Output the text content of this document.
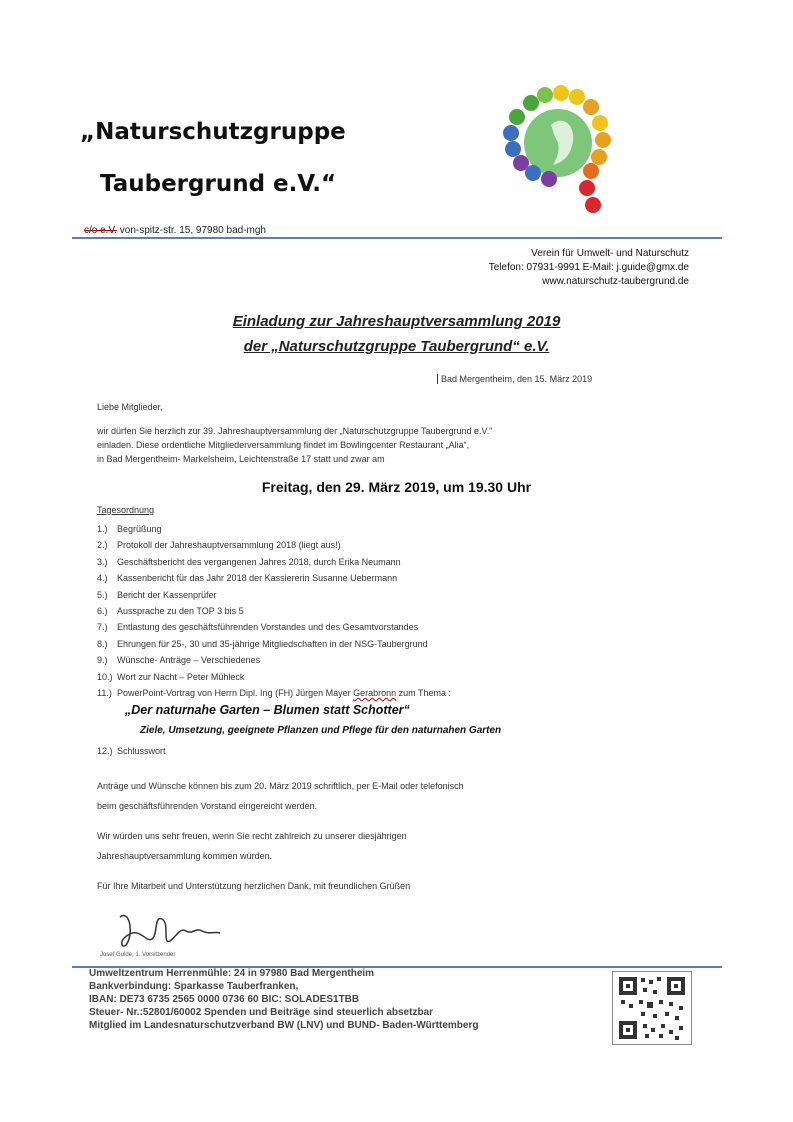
„Naturschutzgruppe
Taubergrund e.V.“
c/o e.V. von-spitz-str. 15, 97980 bad-mgh
Verein für Umwelt- und Naturschutz
Telefon: 07931-9991 E-Mail: j.guide@gmx.de
www.naturschutz-taubergrund.de
Einladung zur Jahreshauptversammlung 2019
der „Naturschutzgruppe Taubergrund“ e.V.
Bad Mergentheim, den 15. März 2019
Liebe Mitglieder,
wir dürfen Sie herzlich zur 39. Jahreshauptversammlung der „Naturschutzgruppe Taubergrund e.V.“
einladen. Diese ordentliche Mitgliederversammlung findet im Bowlingcenter Restaurant „Alia“,
in Bad Mergentheim- Markelsheim, Leichtenstraße 17 statt und zwar am
Freitag, den 29. März 2019, um 19.30 Uhr
Tagesordnung
1.) Begrüßung
2.) Protokoll der Jahreshauptversammlung 2018 (liegt aus!)
3.) Geschäftsbericht des vergangenen Jahres 2018, durch Erika Neumann
4.) Kassenbericht für das Jahr 2018 der Kassiererin Susanne Uebermann
5.) Bericht der Kassenprüfer
6.) Aussprache zu den TOP 3 bis 5
7.) Entlastung des geschäftsführenden Vorstandes und des Gesamtvorstandes
8.) Ehrungen für 25-, 30 und 35-jährige Mitgliedschaften in der NSG-Taubergrund
9.) Wünsche- Anträge – Verschiedenes
10.) Wort zur Nacht – Peter Mühleck
11.) PowerPoint-Vortrag von Herrn Dipl. Ing (FH) Jürgen Mayer Gerabronn zum Thema :
„Der naturnahe Garten – Blumen statt Schotter“
Ziele, Umsetzung, geeignete Pflanzen und Pflege für den naturnahen Garten
12.) Schlusswort
Anträge und Wünsche können bis zum 20. März 2019 schriftlich, per E-Mail oder telefonisch
beim geschäftsführenden Vorstand eingereicht werden.
Wir würden uns sehr freuen, wenn Sie recht zahlreich zu unserer diesjährigen
Jahreshauptversammlung kommen würden.
Für Ihre Mitarbeit und Unterstützung herzlichen Dank, mit freundlichen Grüßen
Josef Gulde, 1. Vorsitzender
Umweltzentrum Herrenmühle: 24 in 97980 Bad Mergentheim
Bankverbindung: Sparkasse Tauberfranken,
IBAN: DE73 6735 2565 0000 0736 60 BIC: SOLADES1TBB
Steuer- Nr.:52801/60002 Spenden und Beiträge sind steuerlich absetzbar
Mitglied im Landesnaturschutzverband BW (LNV) und BUND- Baden-Württemberg
